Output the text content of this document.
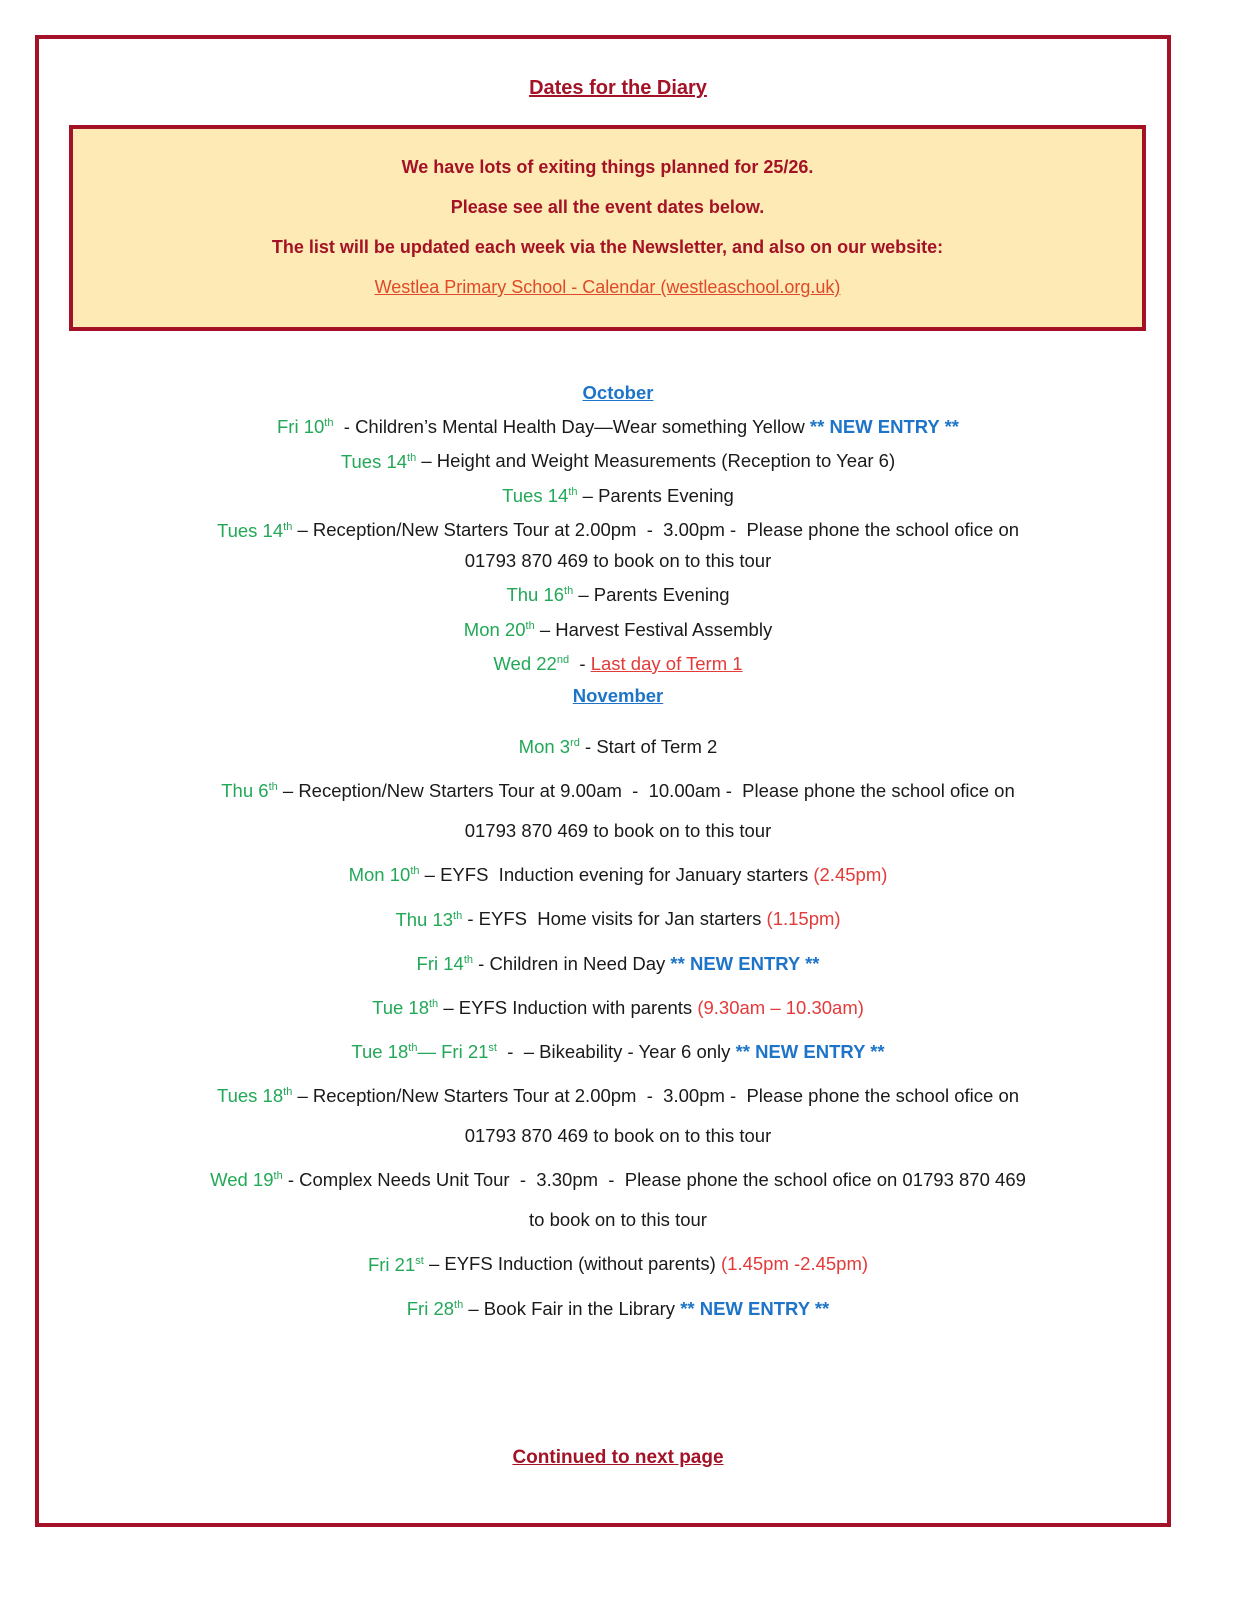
Dates for the Diary
We have lots of exiting things planned for 25/26.
Please see all the event dates below.
The list will be updated each week via the Newsletter, and also on our website:
Westlea Primary School - Calendar (westleaschool.org.uk)
October
Fri 10th  - Children’s Mental Health Day—Wear something Yellow ** NEW ENTRY **
Tues 14th – Height and Weight Measurements (Reception to Year 6)
Tues 14th – Parents Evening
Tues 14th – Reception/New Starters Tour at 2.00pm  -  3.00pm -  Please phone the school ofice on
01793 870 469 to book on to this tour
Thu 16th – Parents Evening
Mon 20th – Harvest Festival Assembly
Wed 22nd  - Last day of Term 1
November
Mon 3rd - Start of Term 2
Thu 6th – Reception/New Starters Tour at 9.00am  -  10.00am -  Please phone the school ofice on
01793 870 469 to book on to this tour
Mon 10th – EYFS  Induction evening for January starters (2.45pm)
Thu 13th - EYFS  Home visits for Jan starters (1.15pm)
Fri 14th - Children in Need Day ** NEW ENTRY **
Tue 18th – EYFS Induction with parents (9.30am – 10.30am)
Tue 18th— Fri 21st  -  – Bikeability - Year 6 only ** NEW ENTRY **
Tues 18th – Reception/New Starters Tour at 2.00pm  -  3.00pm -  Please phone the school ofice on
01793 870 469 to book on to this tour
Wed 19th - Complex Needs Unit Tour  -  3.30pm  -  Please phone the school ofice on 01793 870 469
to book on to this tour
Fri 21st – EYFS Induction (without parents) (1.45pm -2.45pm)
Fri 28th – Book Fair in the Library ** NEW ENTRY **
Continued to next page
